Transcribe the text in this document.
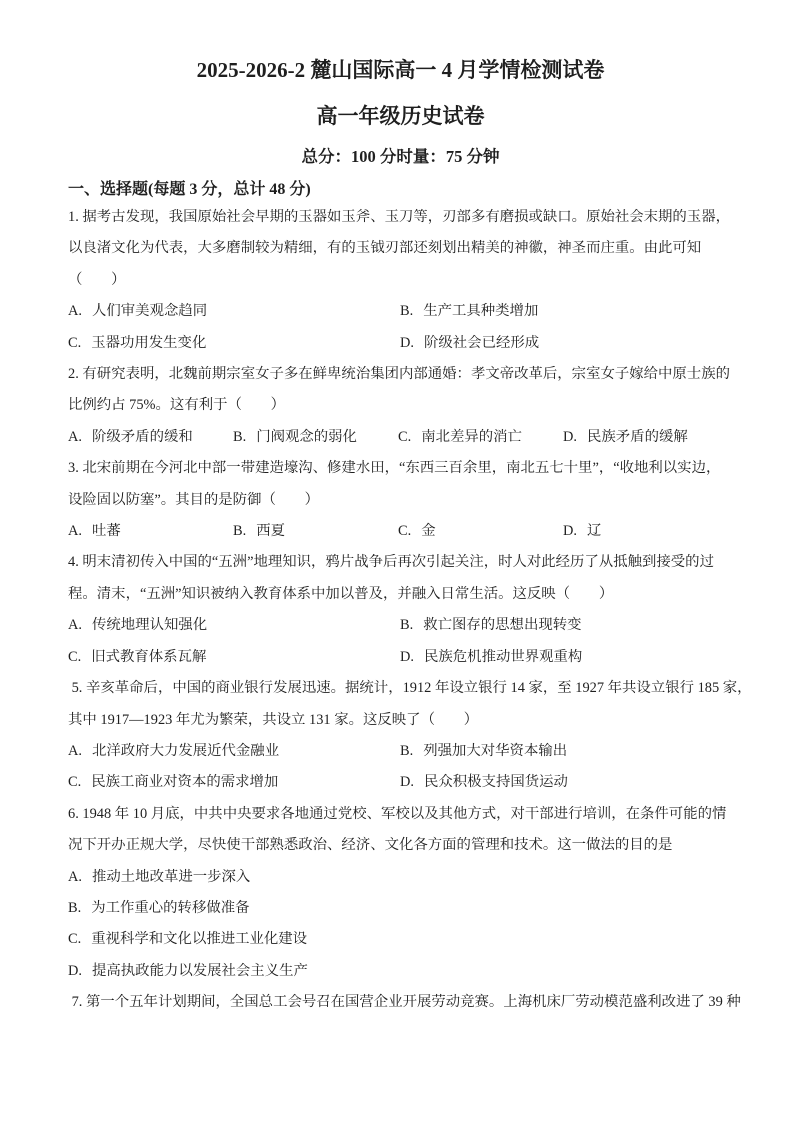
2025-2026-2 麓山国际高一 4 月学情检测试卷
高一年级历史试卷
总分：100 分时量：75 分钟
一、选择题(每题 3 分，总计 48 分)
1. 据考古发现，我国原始社会早期的玉器如玉斧、玉刀等，刃部多有磨损或缺口。原始社会末期的玉器，
以良渚文化为代表，大多磨制较为精细，有的玉钺刃部还刻划出精美的神徽，神圣而庄重。由此可知
（　　）
A. 人们审美观念趋同	B. 生产工具种类增加
C. 玉器功用发生变化	D. 阶级社会已经形成
2. 有研究表明，北魏前期宗室女子多在鲜卑统治集团内部通婚：孝文帝改革后，宗室女子嫁给中原士族的
比例约占 75%。这有利于（　　）
A. 阶级矛盾的缓和	B. 门阀观念的弱化	C. 南北差异的消亡	D. 民族矛盾的缓解
3. 北宋前期在今河北中部一带建造壕沟、修建水田，“东西三百余里，南北五七十里”，“收地利以实边，
设险固以防塞”。其目的是防御（　　）
A. 吐蕃	B. 西夏	C. 金	D. 辽
4. 明末清初传入中国的“五洲”地理知识，鸦片战争后再次引起关注，时人对此经历了从抵触到接受的过
程。清末，“五洲”知识被纳入教育体系中加以普及，并融入日常生活。这反映（　　）
A. 传统地理认知强化	B. 救亡图存的思想出现转变
C. 旧式教育体系瓦解	D. 民族危机推动世界观重构
5. 辛亥革命后，中国的商业银行发展迅速。据统计，1912 年设立银行 14 家，至 1927 年共设立银行 185 家，
其中 1917—1923 年尤为繁荣，共设立 131 家。这反映了（　　）
A. 北洋政府大力发展近代金融业	B. 列强加大对华资本输出
C. 民族工商业对资本的需求增加	D. 民众积极支持国货运动
6. 1948 年 10 月底，中共中央要求各地通过党校、军校以及其他方式，对干部进行培训，在条件可能的情
况下开办正规大学，尽快使干部熟悉政治、经济、文化各方面的管理和技术。这一做法的目的是
A. 推动土地改革进一步深入
B. 为工作重心的转移做准备
C. 重视科学和文化以推进工业化建设
D. 提高执政能力以发展社会主义生产
7. 第一个五年计划期间，全国总工会号召在国营企业开展劳动竞赛。上海机床厂劳动模范盛利改进了 39 种
